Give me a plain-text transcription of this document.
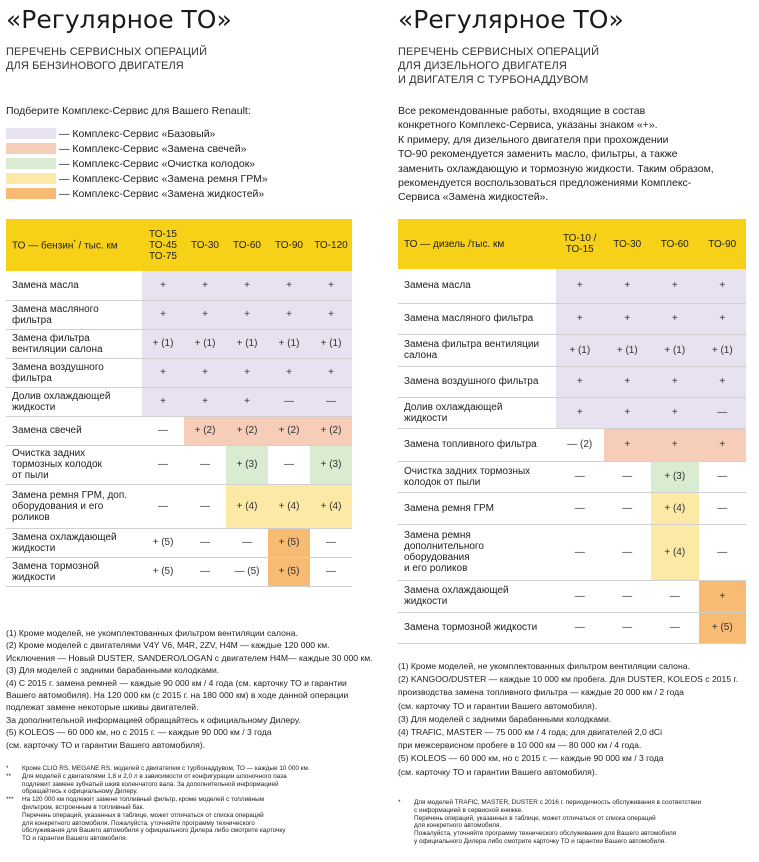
«Регулярное ТО»
ПЕРЕЧЕНЬ СЕРВИСНЫХ ОПЕРАЦИЙ
ДЛЯ БЕНЗИНОВОГО ДВИГАТЕЛЯ
Подберите Комплекс-Сервис для Вашего Renault:
— Комплекс-Сервис «Базовый»
— Комплекс-Сервис «Замена свечей»
— Комплекс-Сервис «Очистка колодок»
— Комплекс-Сервис «Замена ремня ГРМ»
— Комплекс-Сервис «Замена жидкостей»
ТО — бензин* / тыс. км	ТО-15
ТО-45
ТО-75	ТО-30	ТО-60	ТО-90	ТО-120

Замена масла	+	+	+	+	+

Замена масляного
фильтра	+	+	+	+	+

Замена фильтра
вентиляции салона	+ (1)	+ (1)	+ (1)	+ (1)	+ (1)

Замена воздушного
фильтра	+	+	+	+	+

Долив охлаждающей
жидкости	+	+	+	—	—

Замена свечей	—	+ (2)	+ (2)	+ (2)	+ (2)

Очистка задних
тормозных колодок
от пыли	—	—	+ (3)	—	+ (3)

Замена ремня ГРМ, доп.
оборудования и его
роликов	—	—	+ (4)	+ (4)	+ (4)

Замена охлаждающей
жидкости	+ (5)	—	—	+ (5)	—

Замена тормозной
жидкости	+ (5)	—	— (5)	+ (5)	—
(1) Кроме моделей, не укомплектованных фильтром вентиляции салона.
(2) Кроме моделей с двигателями V4Y V6, M4R, 2ZV, H4M — каждые 120 000 км.
Исключения — Новый DUSTER, SANDERO/LOGAN с двигателем H4M— каждые 30 000 км.
(3) Для моделей с задними барабанными колодками.
(4) С 2015 г. замена ремней — каждые 90 000 км / 4 года (см. карточку ТО и гарантии
Вашего автомобиля). На 120 000 км (с 2015 г. на 180 000 км) в ходе данной операции
подлежат замене некоторые шкивы двигателей.
За дополнительной информацией обращайтесь к официальному Дилеру.
(5) KOLEOS — 60 000 км, но с 2015 г. — каждые 90 000 км / 3 года
(см. карточку ТО и гарантии Вашего автомобиля).
* Кроме CLIO RS, MEGANE RS, моделей с двигателем с турбонаддувом, ТО — каждые 10 000 км.
** Для моделей с двигателями 1,8 и 2,0 л в зависимости от конфигурации шпоночного паза
подлежит замене зубчатый шкив коленчатого вала. За дополнительной информацией
обращайтесь к официальному Дилеру.
*** На 120 000 км подлежит замене топливный фильтр, кроме моделей с топливным
фильтром, встроенным в топливный бак.
Перечень операций, указанных в таблице, может отличаться от списка операций
для конкретного автомобиля. Пожалуйста, уточняйте программу технического
обслуживания для Вашего автомобиля у официального Дилера либо смотрите карточку
ТО и гарантии Вашего автомобиля.
«Регулярное ТО»
ПЕРЕЧЕНЬ СЕРВИСНЫХ ОПЕРАЦИЙ
ДЛЯ ДИЗЕЛЬНОГО ДВИГАТЕЛЯ
И ДВИГАТЕЛЯ С ТУРБОНАДДУВОМ
Все рекомендованные работы, входящие в состав
конкретного Комплекс-Сервиса, указаны знаком «+».
К примеру, для дизельного двигателя при прохождении
ТО-90 рекомендуется заменить масло, фильтры, а также
заменить охлаждающую и тормозную жидкости. Таким образом,
рекомендуется воспользоваться предложениями Комплекс-
Сервиса «Замена жидкостей».
ТО — дизель /тыс. км	ТО-10 /
ТО-15	ТО-30	ТО-60	ТО-90

Замена масла	+	+	+	+

Замена масляного фильтра	+	+	+	+

Замена фильтра вентиляции
салона	+ (1)	+ (1)	+ (1)	+ (1)

Замена воздушного фильтра	+	+	+	+

Долив охлаждающей
жидкости	+	+	+	—

Замена топливного фильтра	— (2)	+	+	+

Очистка задних тормозных
колодок от пыли	—	—	+ (3)	—

Замена ремня ГРМ	—	—	+ (4)	—

Замена ремня
дополнительного
оборудования
и его роликов	—	—	+ (4)	—

Замена охлаждающей
жидкости	—	—	—	+

Замена тормозной жидкости	—	—	—	+ (5)
(1) Кроме моделей, не укомплектованных фильтром вентиляции салона.
(2) KANGOO/DUSTER — каждые 10 000 км пробега. Для DUSTER, KOLEOS с 2015 г.
производства замена топливного фильтра — каждые 20 000 км / 2 года
(см. карточку ТО и гарантии Вашего автомобиля).
(3) Для моделей с задними барабанными колодками.
(4) TRAFIC, MASTER — 75 000 км / 4 года; для двигателей 2,0 dCi
при межсервисном пробеге в 10 000 км — 80 000 км / 4 года.
(5) KOLEOS — 60 000 км, но с 2015 г. — каждые 90 000 км / 3 года
(см. карточку ТО и гарантии Вашего автомобиля).
* Для моделей TRAFIC, MASTER, DUSTER с 2016 г. периодичность обслуживания в соответствии
с информацией в сервисной книжке.
Перечень операций, указанных в таблице, может отличаться от списка операций
для конкретного автомобиля.
Пожалуйста, уточняйте программу технического обслуживания для Вашего автомобиля
у официального Дилера либо смотрите карточку ТО и гарантии Вашего автомобиля.
